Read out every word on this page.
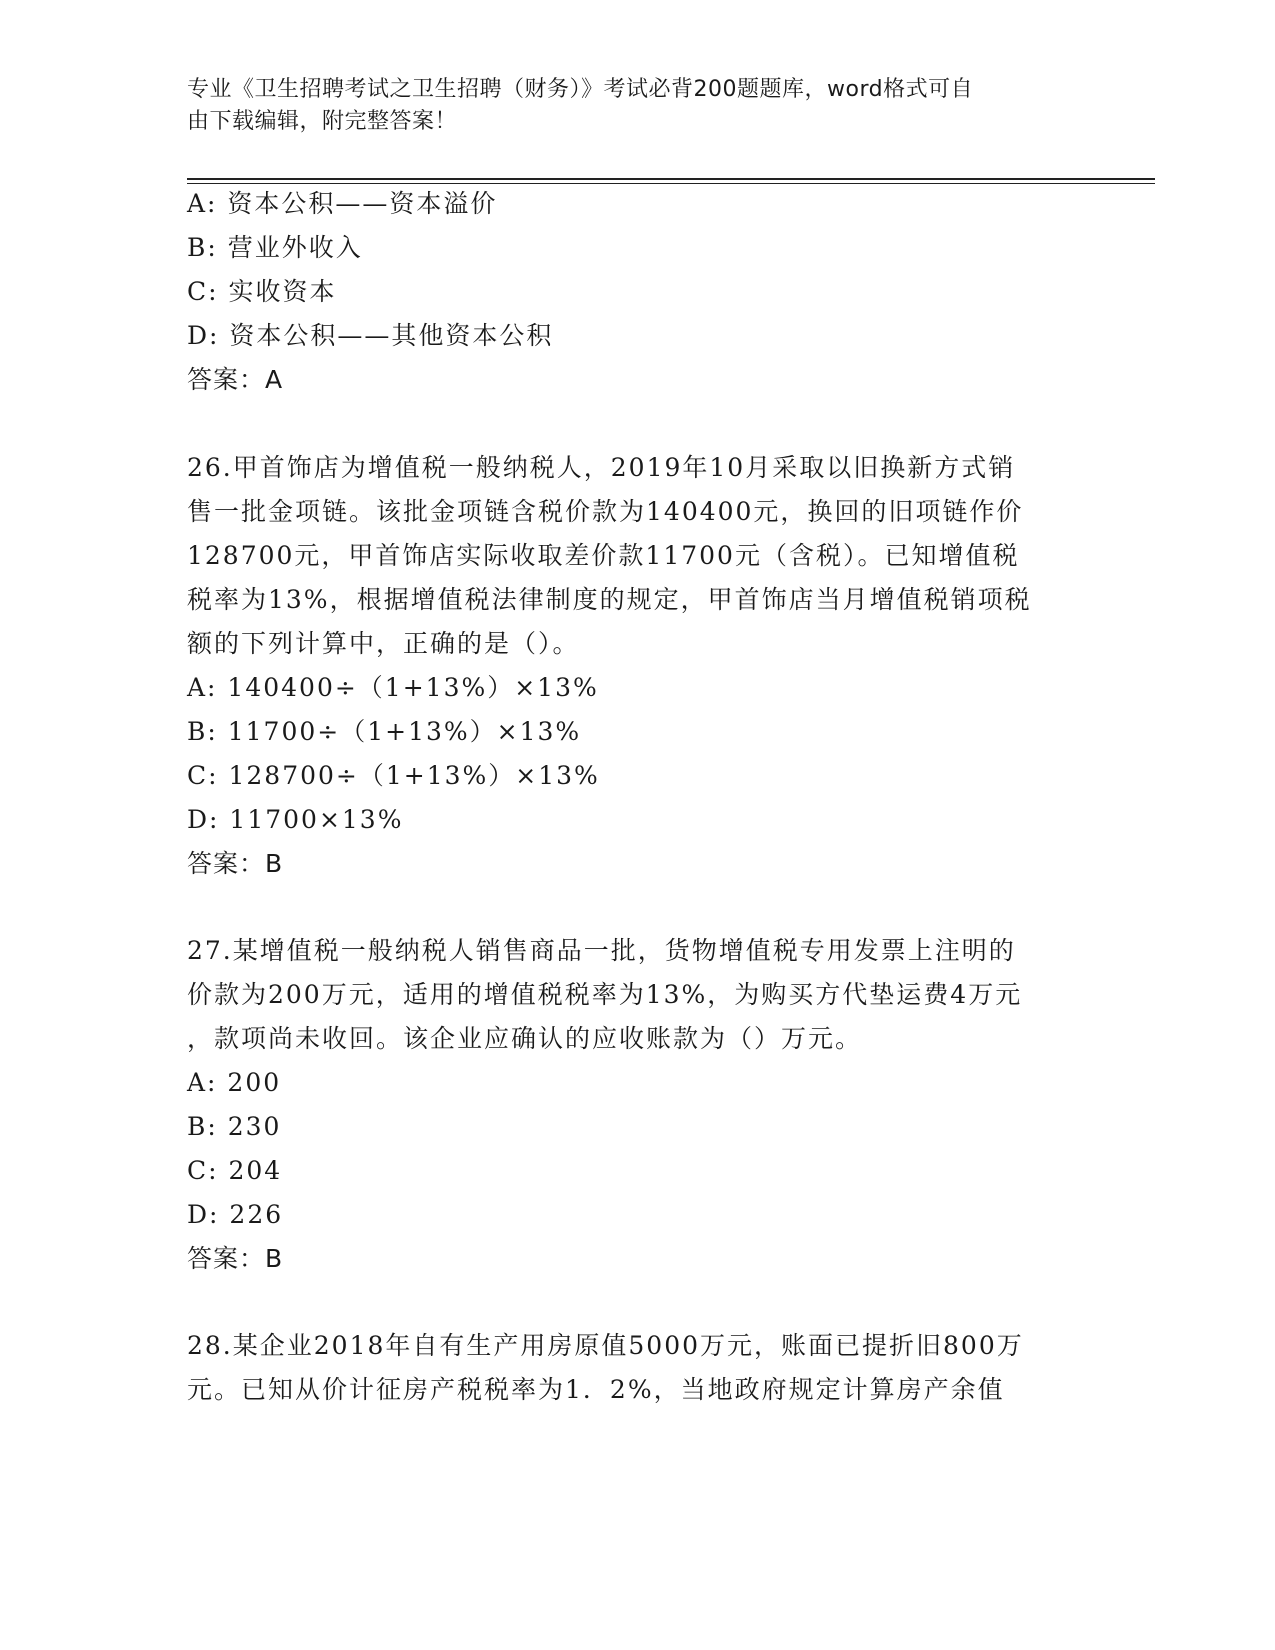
专业《卫生招聘考试之卫生招聘（财务）》考试必背200题题库，word格式可自
由下载编辑，附完整答案！
A: 资本公积——资本溢价
B: 营业外收入
C: 实收资本
D: 资本公积——其他资本公积
答案：A
26.甲首饰店为增值税一般纳税人，2019年10月采取以旧换新方式销
售一批金项链。该批金项链含税价款为140400元，换回的旧项链作价
128700元，甲首饰店实际收取差价款11700元（含税）。已知增值税
税率为13%，根据增值税法律制度的规定，甲首饰店当月增值税销项税
额的下列计算中，正确的是（）。
A: 140400÷（1+13%）×13%
B: 11700÷（1+13%）×13%
C: 128700÷（1+13%）×13%
D: 11700×13%
答案：B
27.某增值税一般纳税人销售商品一批，货物增值税专用发票上注明的
价款为200万元，适用的增值税税率为13%，为购买方代垫运费4万元
，款项尚未收回。该企业应确认的应收账款为（）万元。
A: 200
B: 230
C: 204
D: 226
答案：B
28.某企业2018年自有生产用房原值5000万元，账面已提折旧800万
元。已知从价计征房产税税率为1．2%，当地政府规定计算房产余值
